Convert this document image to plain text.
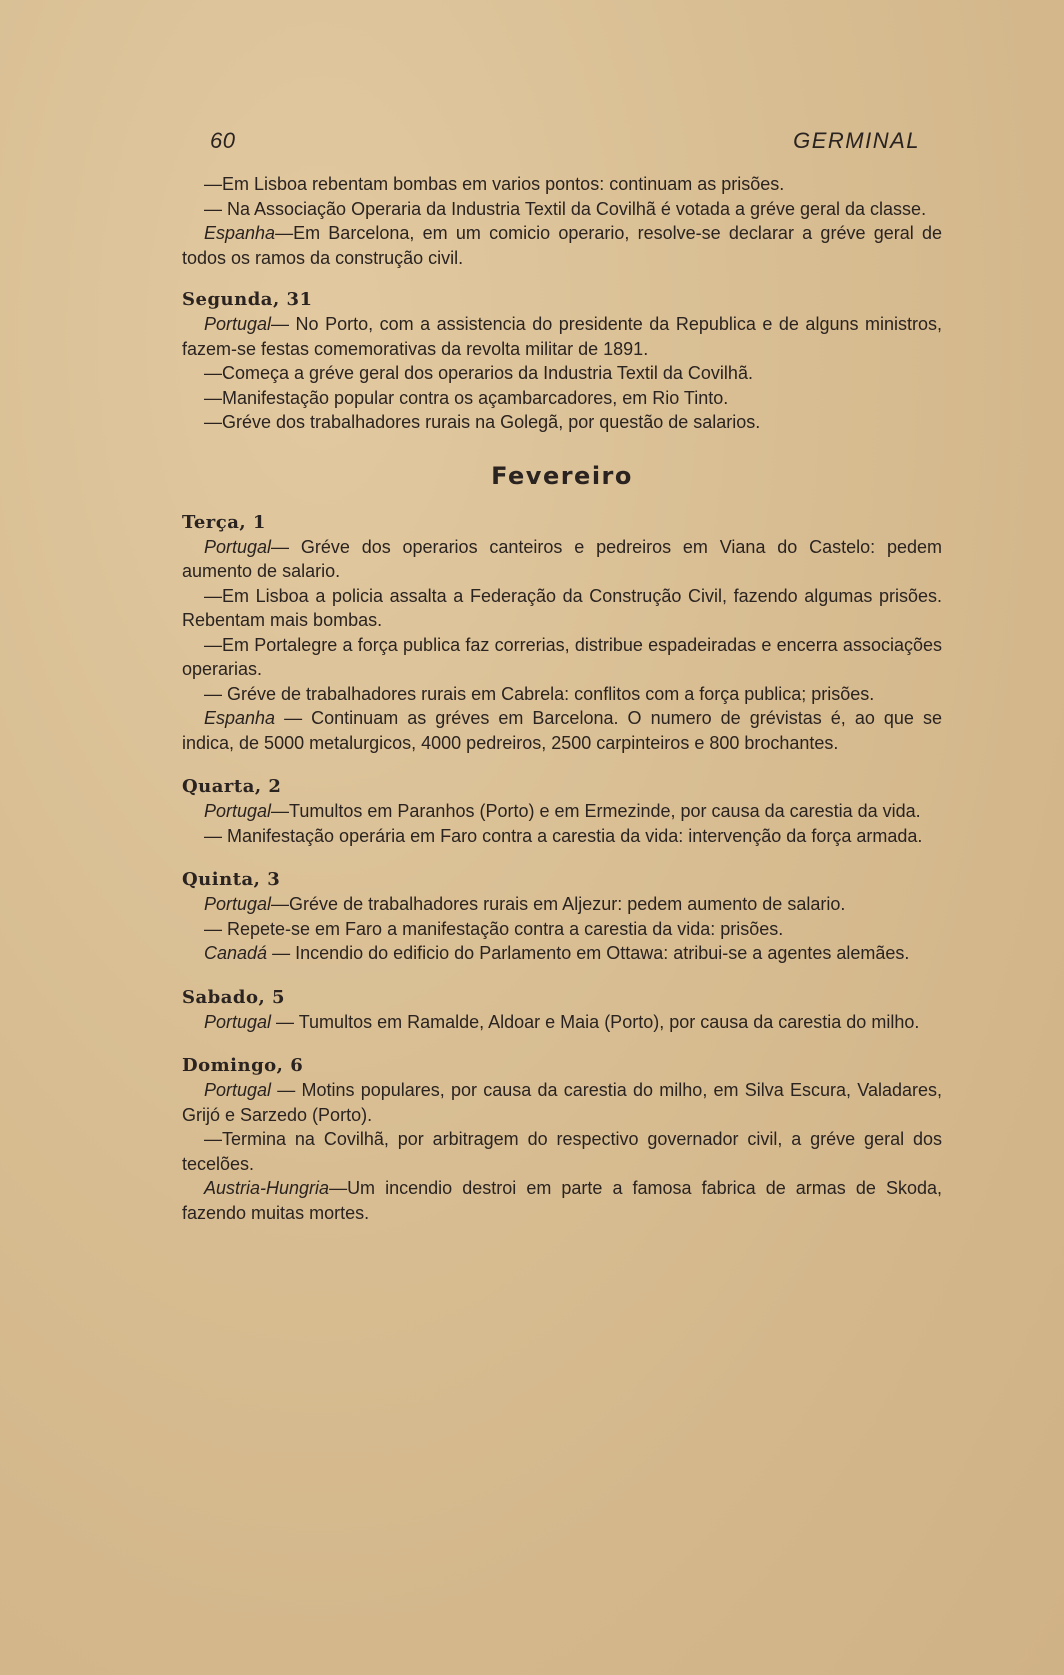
60	GERMINAL

—Em Lisboa rebentam bombas em varios pontos: continuam as prisões.

— Na Associação Operaria da Industria Textil da Covilhã é votada a gréve geral da classe.

Espanha—Em Barcelona, em um comicio operario, resolve-se declarar a gréve geral de todos os ramos da construção civil.

Segunda, 31

Portugal— No Porto, com a assistencia do presidente da Republica e de alguns ministros, fazem-se festas comemorativas da revolta militar de 1891.

—Começa a gréve geral dos operarios da Industria Textil da Covilhã.

—Manifestação popular contra os açambarcadores, em Rio Tinto.

—Gréve dos trabalhadores rurais na Golegã, por questão de salarios.

Fevereiro
Terça, 1

Portugal— Gréve dos operarios canteiros e pedreiros em Viana do Castelo: pedem aumento de salario.

—Em Lisboa a policia assalta a Federação da Construção Civil, fazendo algumas prisões. Rebentam mais bombas.

—Em Portalegre a força publica faz correrias, distribue espadeiradas e encerra associações operarias.

— Gréve de trabalhadores rurais em Cabrela: conflitos com a força publica; prisões.

Espanha — Continuam as gréves em Barcelona. O numero de grévistas é, ao que se indica, de 5000 metalurgicos, 4000 pedreiros, 2500 carpinteiros e 800 brochantes.

Quarta, 2

Portugal—Tumultos em Paranhos (Porto) e em Ermezinde, por causa da carestia da vida.

— Manifestação operária em Faro contra a carestia da vida: intervenção da força armada.

Quinta, 3

Portugal—Gréve de trabalhadores rurais em Aljezur: pedem aumento de salario.

— Repete-se em Faro a manifestação contra a carestia da vida: prisões.

Canadá — Incendio do edificio do Parlamento em Ottawa: atribui-se a agentes alemães.

Sabado, 5

Portugal — Tumultos em Ramalde, Aldoar e Maia (Porto), por causa da carestia do milho.

Domingo, 6

Portugal — Motins populares, por causa da carestia do milho, em Silva Escura, Valadares, Grijó e Sarzedo (Porto).

—Termina na Covilhã, por arbitragem do respectivo governador civil, a gréve geral dos tecelões.

Austria-Hungria—Um incendio destroi em parte a famosa fabrica de armas de Skoda, fazendo muitas mortes.
